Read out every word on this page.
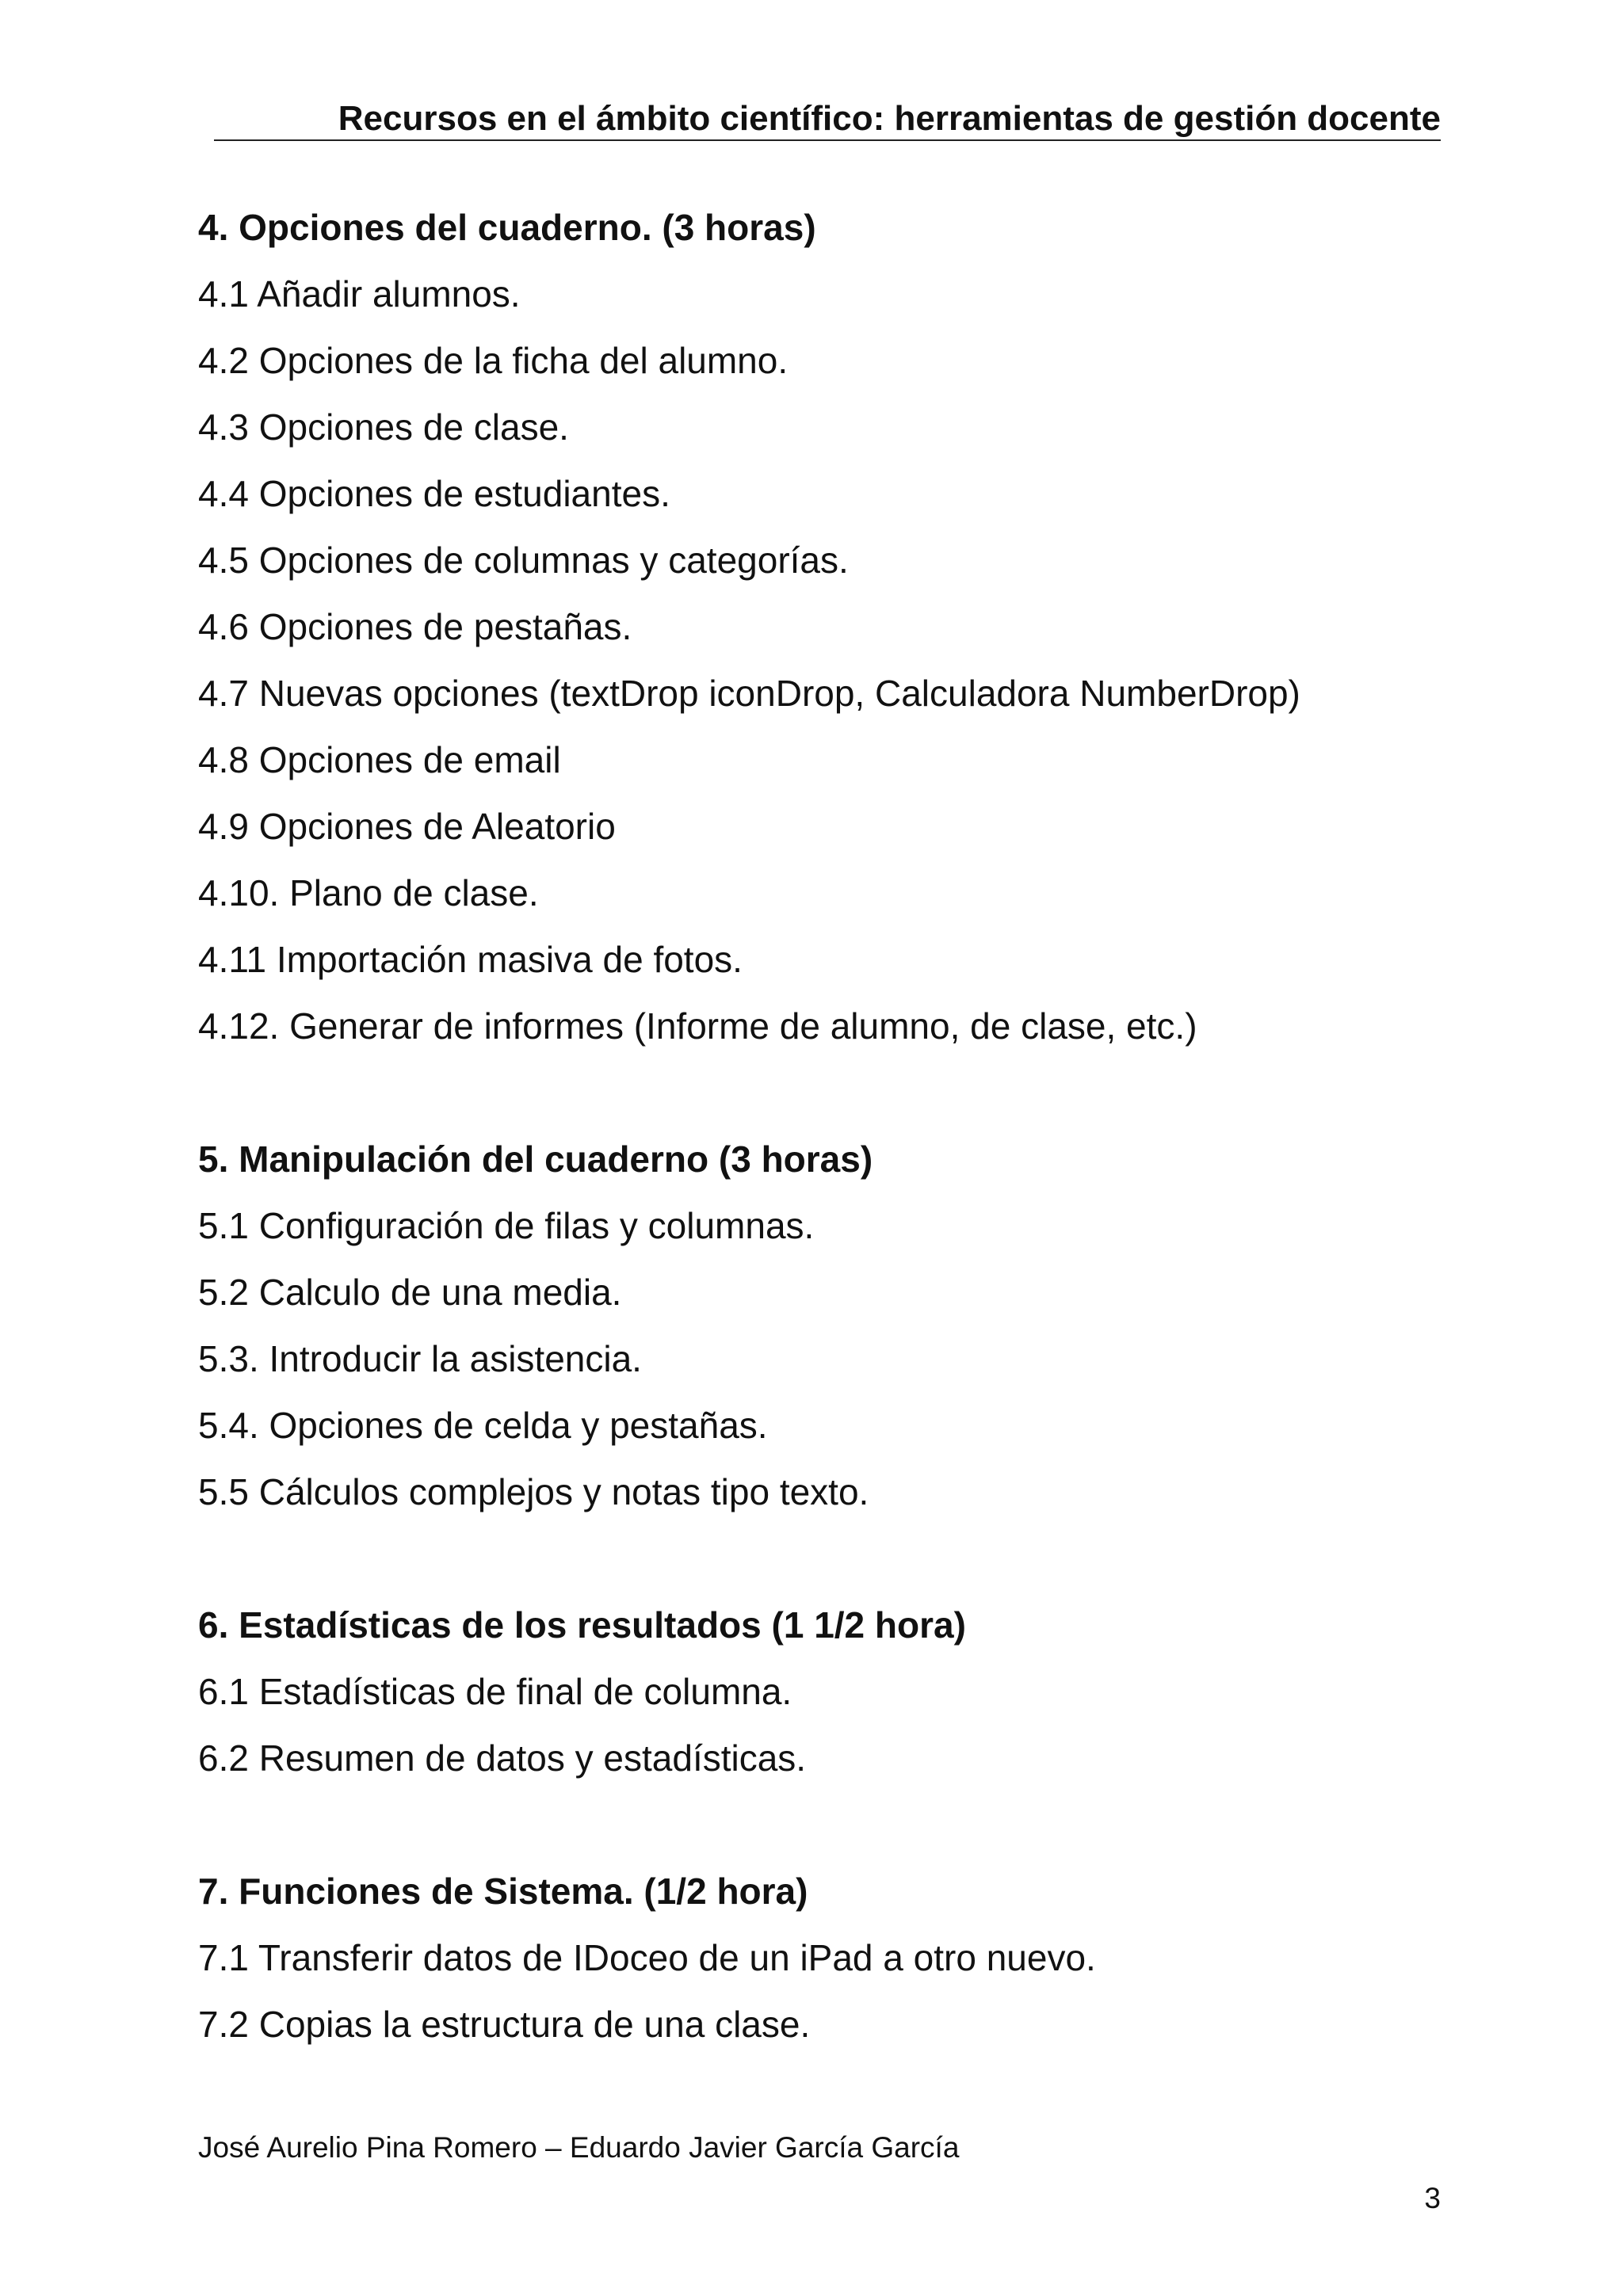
Recursos en el ámbito científico: herramientas de gestión docente
4. Opciones del cuaderno. (3 horas)
4.1 Añadir alumnos.
4.2 Opciones de la ficha del alumno.
4.3 Opciones de clase.
4.4 Opciones de estudiantes.
4.5 Opciones de columnas y categorías.
4.6 Opciones de pestañas.
4.7 Nuevas opciones (textDrop iconDrop, Calculadora NumberDrop)
4.8 Opciones de email
4.9 Opciones de Aleatorio
4.10. Plano de clase.
4.11 Importación masiva de fotos.
4.12. Generar de informes (Informe de alumno, de clase, etc.)
5. Manipulación del cuaderno (3 horas)
5.1 Configuración de filas y columnas.
5.2 Calculo de una media.
5.3. Introducir la asistencia.
5.4. Opciones de celda y pestañas.
5.5 Cálculos complejos y notas tipo texto.
6. Estadísticas de los resultados (1 1/2 hora)
6.1 Estadísticas de final de columna.
6.2 Resumen de datos y estadísticas.
7. Funciones de Sistema. (1/2 hora)
7.1 Transferir datos de IDoceo de un iPad a otro nuevo.
7.2 Copias la estructura de una clase.
José Aurelio Pina Romero – Eduardo Javier García García
3
